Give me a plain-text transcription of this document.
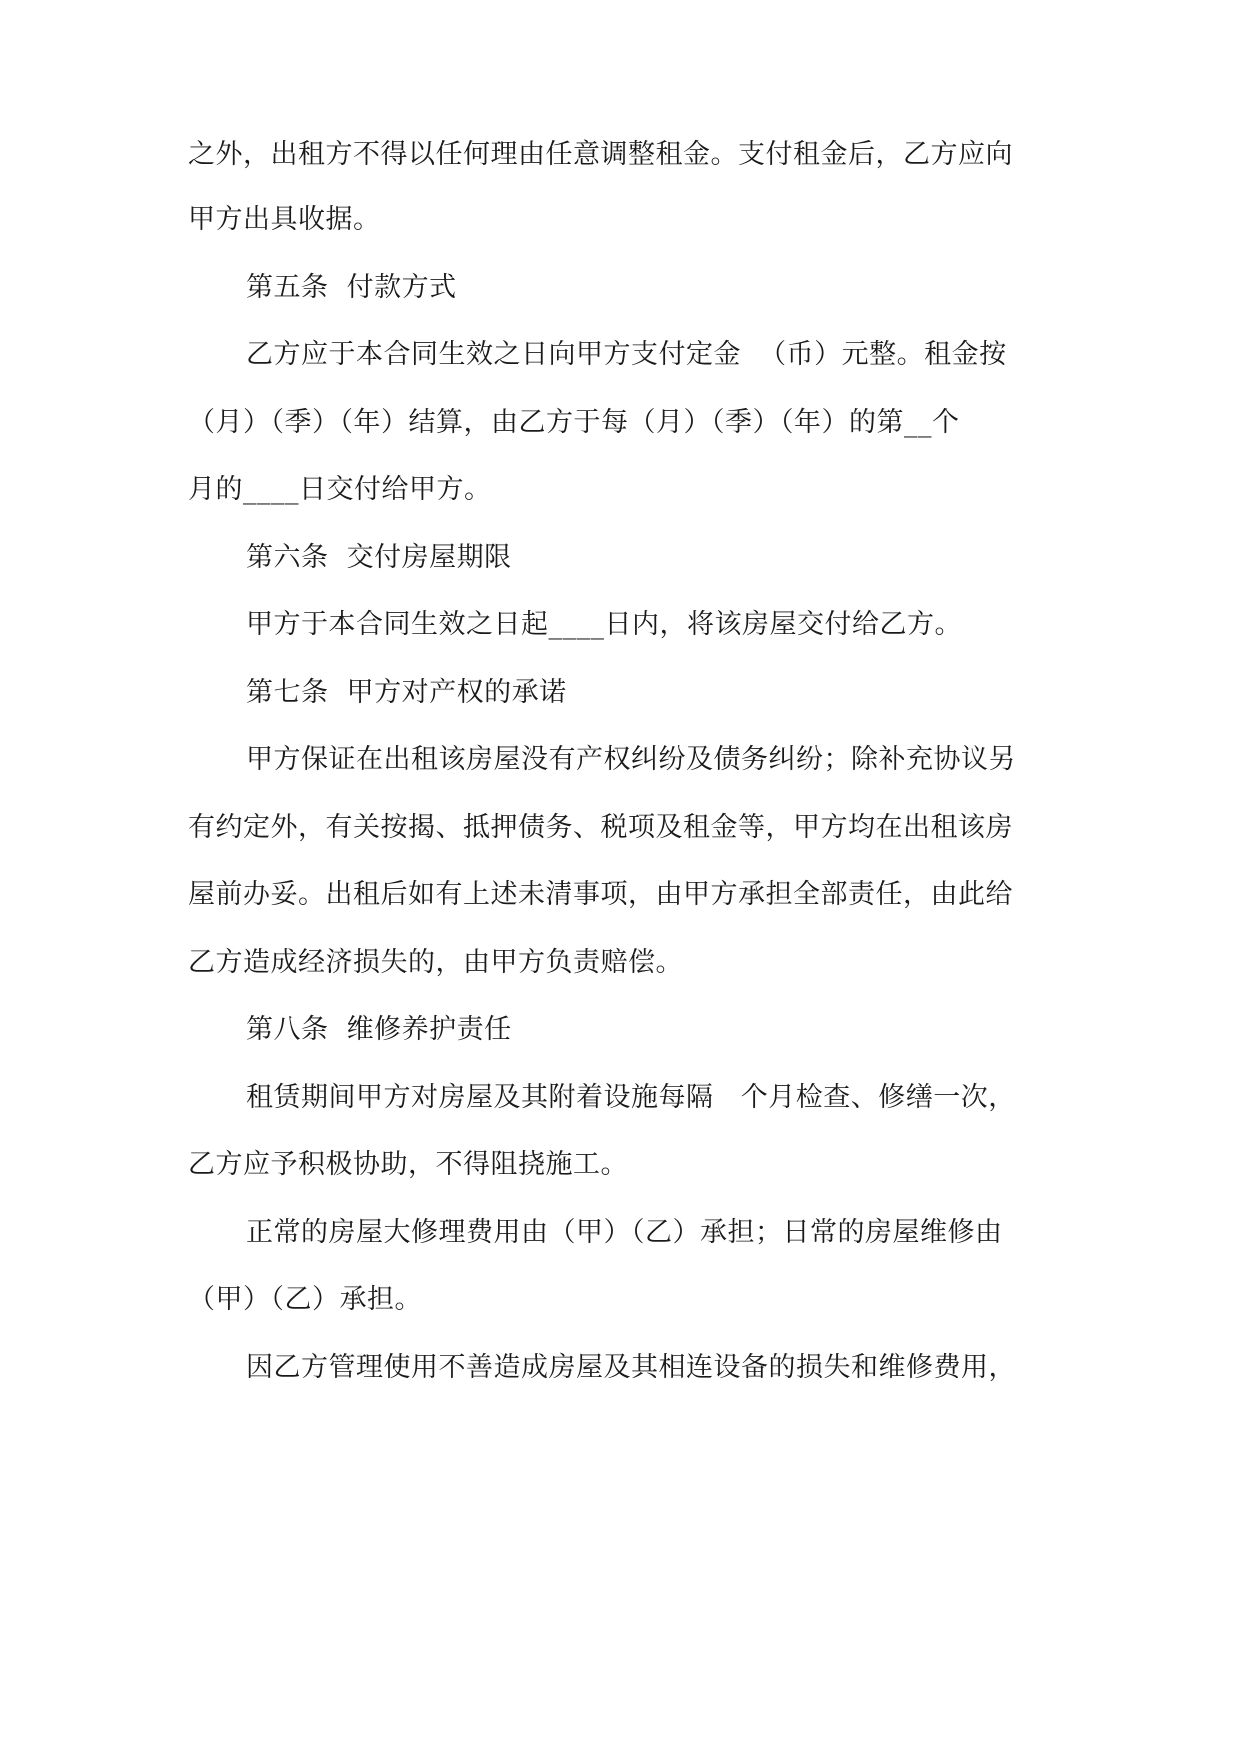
之外，出租方不得以任何理由任意调整租金。支付租金后，乙方应向
甲方出具收据。
第五条  付款方式
乙方应于本合同生效之日向甲方支付定金  （币）元整。租金按
（月）（季）（年）结算，由乙方于每（月）（季）（年）的第__个
月的____日交付给甲方。
第六条  交付房屋期限
甲方于本合同生效之日起____日内，将该房屋交付给乙方。
第七条  甲方对产权的承诺
甲方保证在出租该房屋没有产权纠纷及债务纠纷；除补充协议另
有约定外，有关按揭、抵押债务、税项及租金等，甲方均在出租该房
屋前办妥。出租后如有上述未清事项，由甲方承担全部责任，由此给
乙方造成经济损失的，由甲方负责赔偿。
第八条  维修养护责任
租赁期间甲方对房屋及其附着设施每隔   个月检查、修缮一次，
乙方应予积极协助，不得阻挠施工。
正常的房屋大修理费用由（甲）（乙）承担；日常的房屋维修由
（甲）（乙）承担。
因乙方管理使用不善造成房屋及其相连设备的损失和维修费用，
